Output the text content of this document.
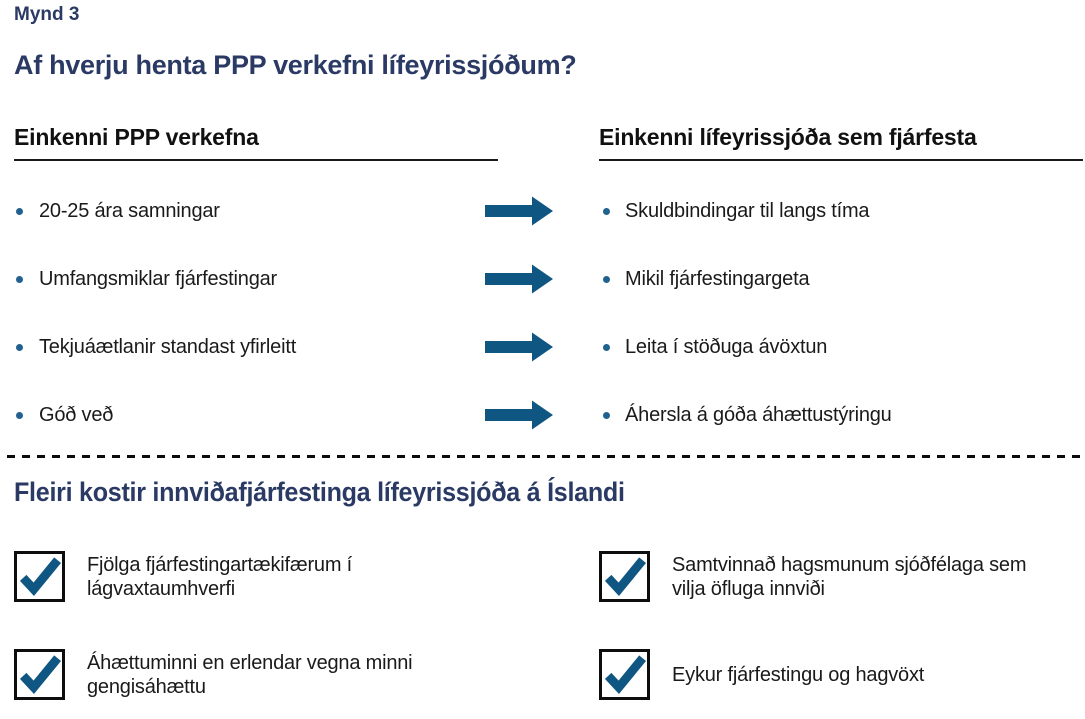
Mynd 3
Af hverju henta PPP verkefni lífeyrissjóðum?
Einkenni PPP verkefna	Einkenni lífeyrissjóða sem fjárfesta
20-25 ára samningar	Skuldbindingar til langs tíma
Umfangsmiklar fjárfestingar	Mikil fjárfestingargeta
Tekjuáætlanir standast yfirleitt	Leita í stöðuga ávöxtun
Góð veð	Áhersla á góða áhættustýringu
Fleiri kostir innviðafjárfestinga lífeyrissjóða á Íslandi
Fjölga fjárfestingartækifærum í lágvaxtaumhverfi
Samtvinnað hagsmunum sjóðfélaga sem vilja öfluga innviði
Áhættuminni en erlendar vegna minni gengisáhættu
Eykur fjárfestingu og hagvöxt
